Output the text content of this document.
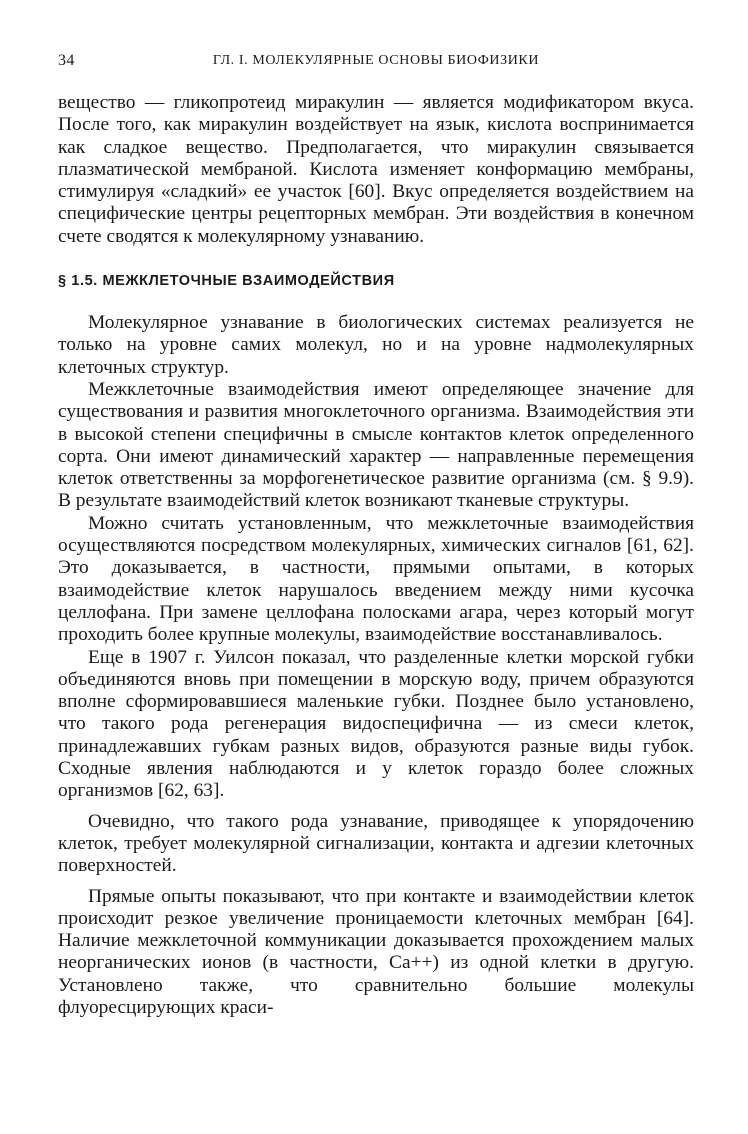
34	ГЛ. I. МОЛЕКУЛЯРНЫЕ ОСНОВЫ БИОФИЗИКИ

вещество — гликопротеид миракулин — является модификатором вкуса. После того, как миракулин воздействует на язык, кислота воспринимается как сладкое вещество. Предполагается, что миракулин связывается плазматической мембраной. Кислота изменяет конформацию мембраны, стимулируя «сладкий» ее участок [60]. Вкус определяется воздействием на специфические центры рецепторных мембран. Эти воздействия в конечном счете сводятся к молекулярному узнаванию.

§ 1.5. МЕЖКЛЕТОЧНЫЕ ВЗАИМОДЕЙСТВИЯ

Молекулярное узнавание в биологических системах реализуется не только на уровне самих молекул, но и на уровне надмолекулярных клеточных структур.

Межклеточные взаимодействия имеют определяющее значение для существования и развития многоклеточного организма. Взаимодействия эти в высокой степени специфичны в смысле контактов клеток определенного сорта. Они имеют динамический характер — направленные перемещения клеток ответственны за морфогенетическое развитие организма (см. § 9.9). В результате взаимодействий клеток возникают тканевые структуры.

Можно считать установленным, что межклеточные взаимодействия осуществляются посредством молекулярных, химических сигналов [61, 62]. Это доказывается, в частности, прямыми опытами, в которых взаимодействие клеток нарушалось введением между ними кусочка целлофана. При замене целлофана полосками агара, через который могут проходить более крупные молекулы, взаимодействие восстанавливалось.

Еще в 1907 г. Уилсон показал, что разделенные клетки морской губки объединяются вновь при помещении в морскую воду, причем образуются вполне сформировавшиеся маленькие губки. Позднее было установлено, что такого рода регенерация видоспецифична — из смеси клеток, принадлежавших губкам разных видов, образуются разные виды губок. Сходные явления наблюдаются и у клеток гораздо более сложных организмов [62, 63].

Очевидно, что такого рода узнавание, приводящее к упорядочению клеток, требует молекулярной сигнализации, контакта и адгезии клеточных поверхностей.

Прямые опыты показывают, что при контакте и взаимодействии клеток происходит резкое увеличение проницаемости клеточных мембран [64]. Наличие межклеточной коммуникации доказывается прохождением малых неорганических ионов (в частности, Ca++) из одной клетки в другую. Установлено также, что сравнительно большие молекулы флуоресцирующих краси-
